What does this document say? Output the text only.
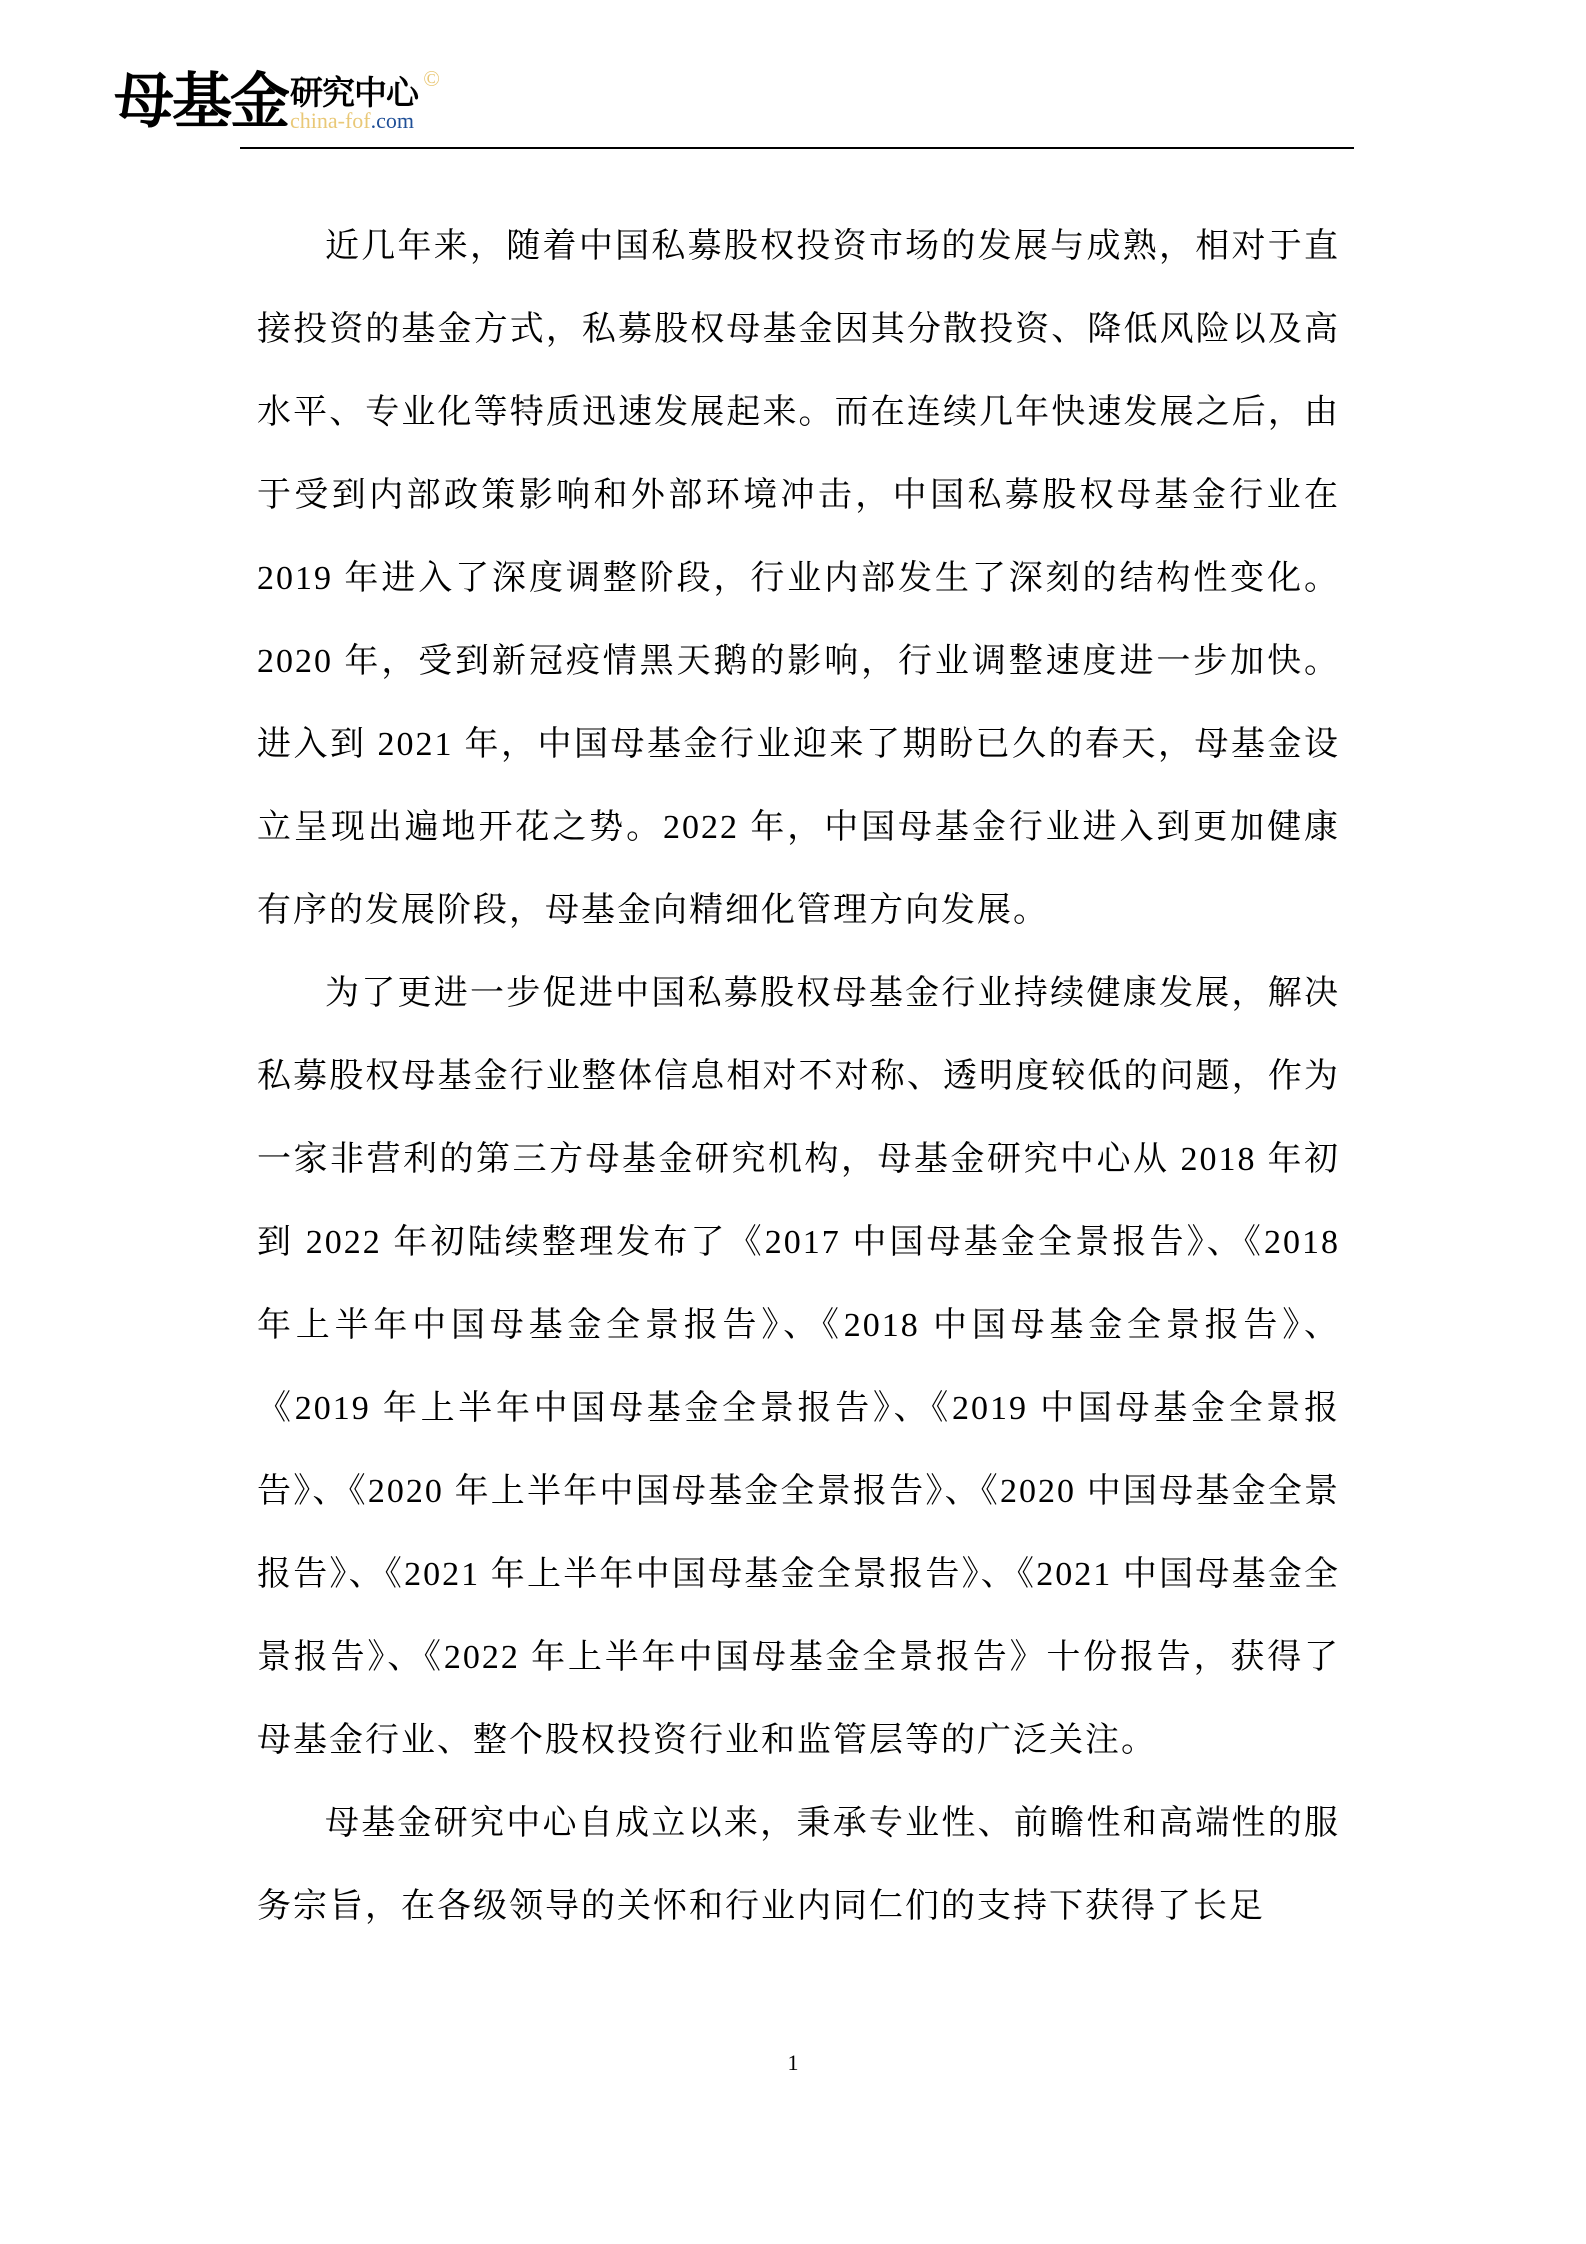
母基金 研究中心
china-fof.com
©

近几年来，随着中国私募股权投资市场的发展与成熟，相对于直接投资的基金方式，私募股权母基金因其分散投资、降低风险以及高水平、专业化等特质迅速发展起来。而在连续几年快速发展之后，由于受到内部政策影响和外部环境冲击，中国私募股权母基金行业在 2019 年进入了深度调整阶段，行业内部发生了深刻的结构性变化。2020 年，受到新冠疫情黑天鹅的影响，行业调整速度进一步加快。进入到 2021 年，中国母基金行业迎来了期盼已久的春天，母基金设立呈现出遍地开花之势。2022 年，中国母基金行业进入到更加健康有序的发展阶段，母基金向精细化管理方向发展。

为了更进一步促进中国私募股权母基金行业持续健康发展，解决私募股权母基金行业整体信息相对不对称、透明度较低的问题，作为一家非营利的第三方母基金研究机构，母基金研究中心从 2018 年初到 2022 年初陆续整理发布了《2017 中国母基金全景报告》、《2018 年上半年中国母基金全景报告》、《2018 中国母基金全景报告》、《2019 年上半年中国母基金全景报告》、《2019 中国母基金全景报告》、《2020 年上半年中国母基金全景报告》、《2020 中国母基金全景报告》、《2021 年上半年中国母基金全景报告》、《2021 中国母基金全景报告》、《2022 年上半年中国母基金全景报告》十份报告，获得了母基金行业、整个股权投资行业和监管层等的广泛关注。

母基金研究中心自成立以来，秉承专业性、前瞻性和高端性的服务宗旨，在各级领导的关怀和行业内同仁们的支持下获得了长足

1
